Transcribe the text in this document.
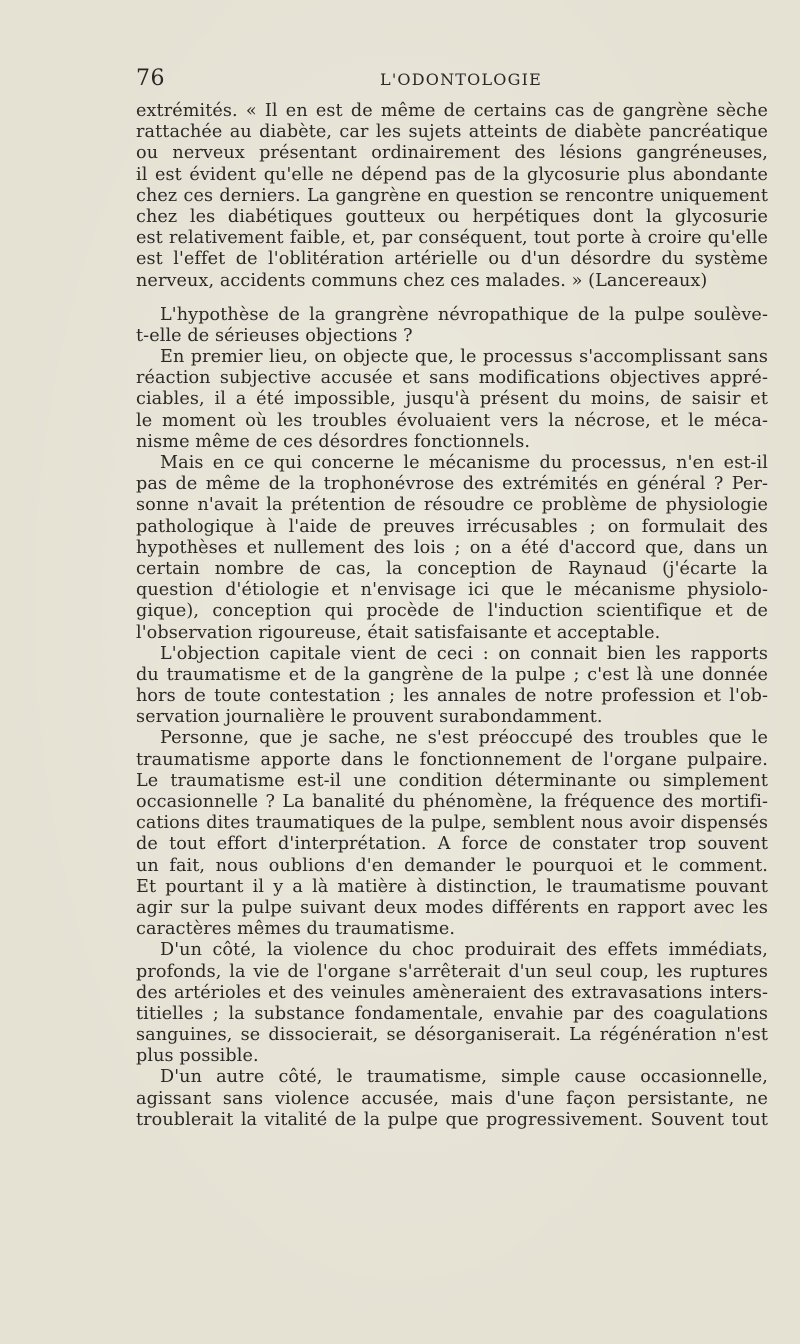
76	L'ODONTOLOGIE
extrémités. « Il en est de même de certains cas de gangrène sèche
rattachée au diabète, car les sujets atteints de diabète pancréatique
ou nerveux présentant ordinairement des lésions gangréneuses,
il est évident qu'elle ne dépend pas de la glycosurie plus abondante
chez ces derniers. La gangrène en question se rencontre uniquement
chez les diabétiques goutteux ou herpétiques dont la glycosurie
est relativement faible, et, par conséquent, tout porte à croire qu'elle
est l'effet de l'oblitération artérielle ou d'un désordre du système
nerveux, accidents communs chez ces malades. » (Lancereaux)
L'hypothèse de la grangrène névropathique de la pulpe soulève-
t-elle de sérieuses objections ?
En premier lieu, on objecte que, le processus s'accomplissant sans
réaction subjective accusée et sans modifications objectives appré-
ciables, il a été impossible, jusqu'à présent du moins, de saisir et
le moment où les troubles évoluaient vers la nécrose, et le méca-
nisme même de ces désordres fonctionnels.
Mais en ce qui concerne le mécanisme du processus, n'en est-il
pas de même de la trophonévrose des extrémités en général ? Per-
sonne n'avait la prétention de résoudre ce problème de physiologie
pathologique à l'aide de preuves irrécusables ; on formulait des
hypothèses et nullement des lois ; on a été d'accord que, dans un
certain nombre de cas, la conception de Raynaud (j'écarte la
question d'étiologie et n'envisage ici que le mécanisme physiolo-
gique), conception qui procède de l'induction scientifique et de
l'observation rigoureuse, était satisfaisante et acceptable.
L'objection capitale vient de ceci : on connait bien les rapports
du traumatisme et de la gangrène de la pulpe ; c'est là une donnée
hors de toute contestation ; les annales de notre profession et l'ob-
servation journalière le prouvent surabondamment.
Personne, que je sache, ne s'est préoccupé des troubles que le
traumatisme apporte dans le fonctionnement de l'organe pulpaire.
Le traumatisme est-il une condition déterminante ou simplement
occasionnelle ? La banalité du phénomène, la fréquence des mortifi-
cations dites traumatiques de la pulpe, semblent nous avoir dispensés
de tout effort d'interprétation. A force de constater trop souvent
un fait, nous oublions d'en demander le pourquoi et le comment.
Et pourtant il y a là matière à distinction, le traumatisme pouvant
agir sur la pulpe suivant deux modes différents en rapport avec les
caractères mêmes du traumatisme.
D'un côté, la violence du choc produirait des effets immédiats,
profonds, la vie de l'organe s'arrêterait d'un seul coup, les ruptures
des artérioles et des veinules amèneraient des extravasations inters-
titielles ; la substance fondamentale, envahie par des coagulations
sanguines, se dissocierait, se désorganiserait. La régénération n'est
plus possible.
D'un autre côté, le traumatisme, simple cause occasionnelle,
agissant sans violence accusée, mais d'une façon persistante, ne
troublerait la vitalité de la pulpe que progressivement. Souvent tout
